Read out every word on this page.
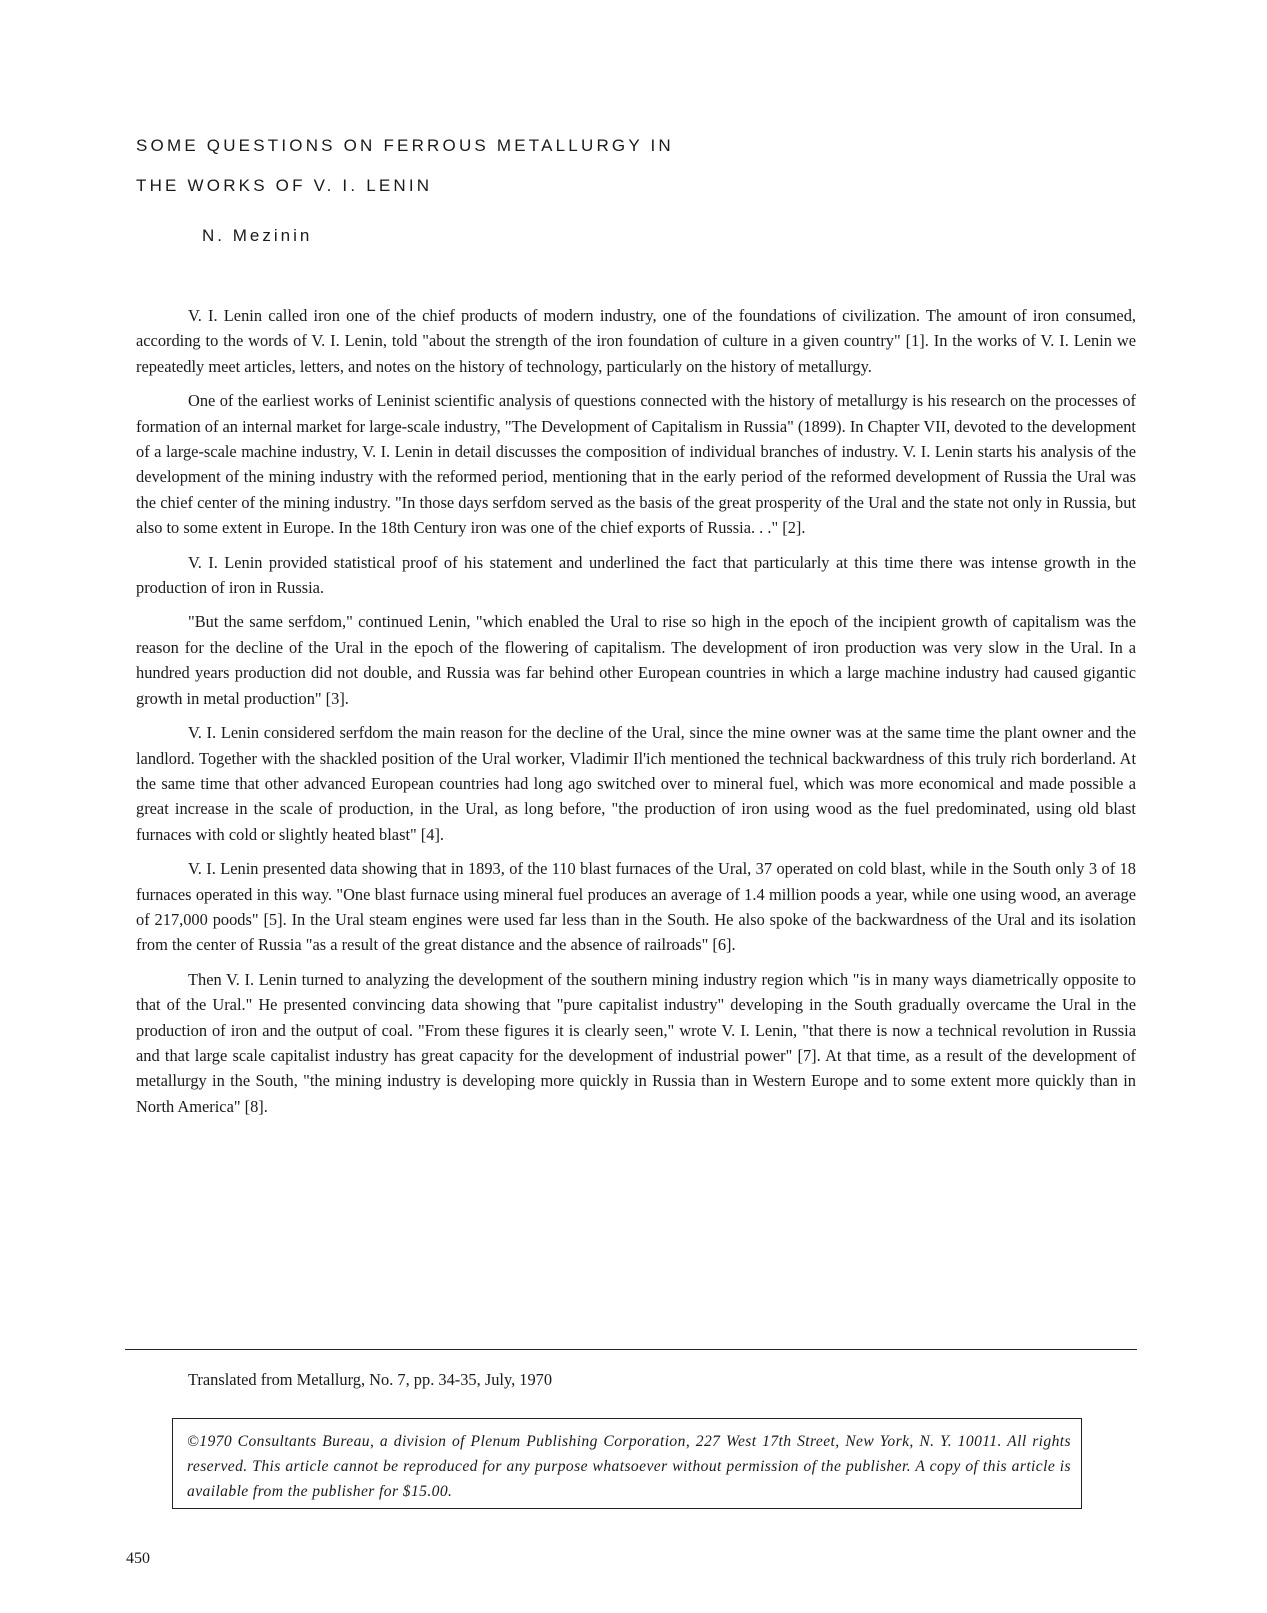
SOME QUESTIONS ON FERROUS METALLURGY IN
THE WORKS OF V. I. LENIN
N. Mezinin

V. I. Lenin called iron one of the chief products of modern industry, one of the foundations of civilization. The amount of iron consumed, according to the words of V. I. Lenin, told "about the strength of the iron foundation of culture in a given country" [1]. In the works of V. I. Lenin we repeatedly meet articles, letters, and notes on the history of technology, particularly on the history of metallurgy.

One of the earliest works of Leninist scientific analysis of questions connected with the history of metallurgy is his research on the processes of formation of an internal market for large-scale industry, "The Development of Capitalism in Russia" (1899). In Chapter VII, devoted to the development of a large-scale machine industry, V. I. Lenin in detail discusses the composition of individual branches of industry. V. I. Lenin starts his analysis of the development of the mining industry with the reformed period, mentioning that in the early period of the reformed development of Russia the Ural was the chief center of the mining industry. "In those days serfdom served as the basis of the great prosperity of the Ural and the state not only in Russia, but also to some extent in Europe. In the 18th Century iron was one of the chief exports of Russia. . ." [2].

V. I. Lenin provided statistical proof of his statement and underlined the fact that particularly at this time there was intense growth in the production of iron in Russia.

"But the same serfdom," continued Lenin, "which enabled the Ural to rise so high in the epoch of the incipient growth of capitalism was the reason for the decline of the Ural in the epoch of the flowering of capitalism. The development of iron production was very slow in the Ural. In a hundred years production did not double, and Russia was far behind other European countries in which a large machine industry had caused gigantic growth in metal production" [3].

V. I. Lenin considered serfdom the main reason for the decline of the Ural, since the mine owner was at the same time the plant owner and the landlord. Together with the shackled position of the Ural worker, Vladimir Il'ich mentioned the technical backwardness of this truly rich borderland. At the same time that other advanced European countries had long ago switched over to mineral fuel, which was more economical and made possible a great increase in the scale of production, in the Ural, as long before, "the production of iron using wood as the fuel predominated, using old blast furnaces with cold or slightly heated blast" [4].

V. I. Lenin presented data showing that in 1893, of the 110 blast furnaces of the Ural, 37 operated on cold blast, while in the South only 3 of 18 furnaces operated in this way. "One blast furnace using mineral fuel produces an average of 1.4 million poods a year, while one using wood, an average of 217,000 poods" [5]. In the Ural steam engines were used far less than in the South. He also spoke of the backwardness of the Ural and its isolation from the center of Russia "as a result of the great distance and the absence of railroads" [6].

Then V. I. Lenin turned to analyzing the development of the southern mining industry region which "is in many ways diametrically opposite to that of the Ural." He presented convincing data showing that "pure capitalist industry" developing in the South gradually overcame the Ural in the production of iron and the output of coal. "From these figures it is clearly seen," wrote V. I. Lenin, "that there is now a technical revolution in Russia and that large scale capitalist industry has great capacity for the development of industrial power" [7]. At that time, as a result of the development of metallurgy in the South, "the mining industry is developing more quickly in Russia than in Western Europe and to some extent more quickly than in North America" [8].

Translated from Metallurg, No. 7, pp. 34-35, July, 1970

©1970 Consultants Bureau, a division of Plenum Publishing Corporation, 227 West 17th Street, New York, N. Y. 10011. All rights reserved. This article cannot be reproduced for any purpose whatsoever without permission of the publisher. A copy of this article is available from the publisher for $15.00.

450
